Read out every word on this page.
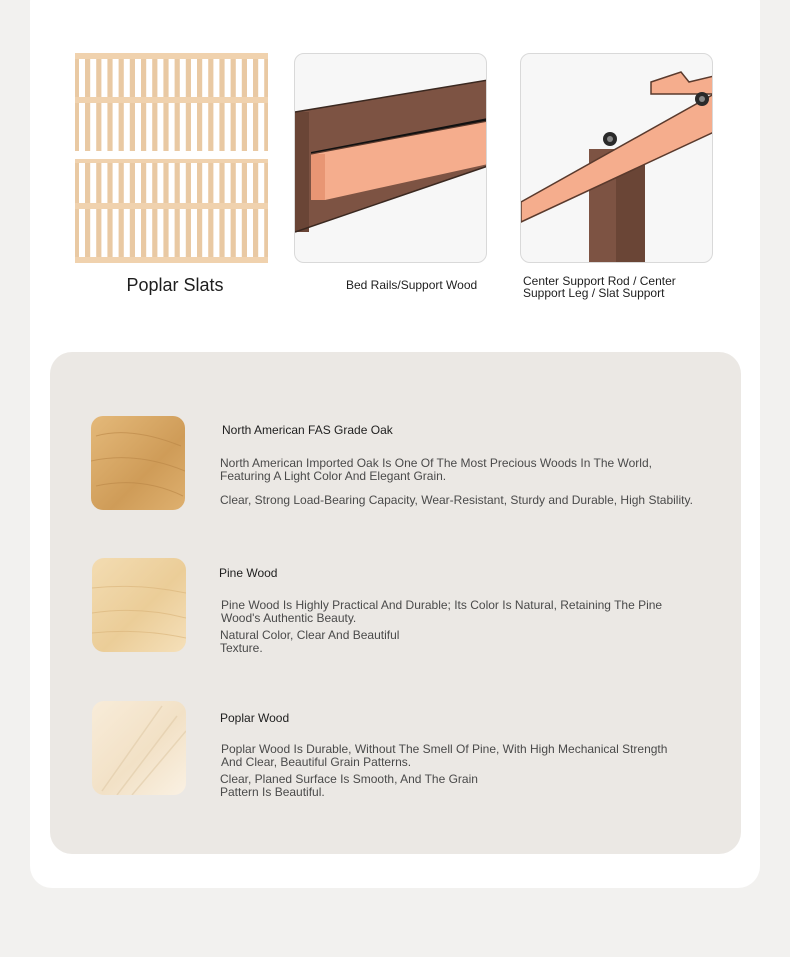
Poplar Slats	Bed Rails/Support Wood	Center Support Rod / Center
Support Leg / Slat Support
North American FAS Grade Oak
North American Imported Oak Is One Of The Most Precious Woods In The World,
Featuring A Light Color And Elegant Grain.
Clear, Strong Load-Bearing Capacity, Wear-Resistant, Sturdy and Durable, High Stability.
Pine Wood
Pine Wood Is Highly Practical And Durable; Its Color Is Natural, Retaining The Pine
Wood's Authentic Beauty.
Natural Color, Clear And Beautiful
Texture.
Poplar Wood
Poplar Wood Is Durable, Without The Smell Of Pine, With High Mechanical Strength
And Clear, Beautiful Grain Patterns.
Clear, Planed Surface Is Smooth, And The Grain
Pattern Is Beautiful.
